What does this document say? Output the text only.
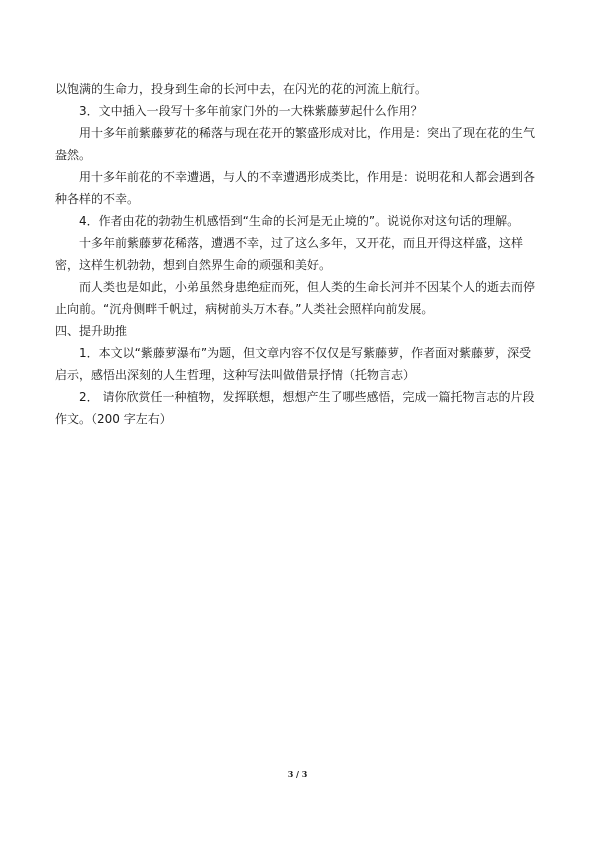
以饱满的生命力，投身到生命的长河中去，在闪光的花的河流上航行。

3．文中插入一段写十多年前家门外的一大株紫藤萝起什么作用？

用十多年前紫藤萝花的稀落与现在花开的繁盛形成对比，作用是：突出了现在花的生气

盎然。

用十多年前花的不幸遭遇，与人的不幸遭遇形成类比，作用是：说明花和人都会遇到各

种各样的不幸。

4．作者由花的勃勃生机感悟到“生命的长河是无止境的”。说说你对这句话的理解。

十多年前紫藤萝花稀落，遭遇不幸，过了这么多年，又开花，而且开得这样盛，这样

密，这样生机勃勃，想到自然界生命的顽强和美好。

而人类也是如此，小弟虽然身患绝症而死，但人类的生命长河并不因某个人的逝去而停

止向前。“沉舟侧畔千帆过，病树前头万木春。”人类社会照样向前发展。

四、提升助推

1．本文以“紫藤萝瀑布”为题，但文章内容不仅仅是写紫藤萝，作者面对紫藤萝，深受

启示，感悟出深刻的人生哲理，这种写法叫做借景抒情（托物言志）

2． 请你欣赏任一种植物，发挥联想，想想产生了哪些感悟，完成一篇托物言志的片段

作文。（200 字左右）

3 / 3
